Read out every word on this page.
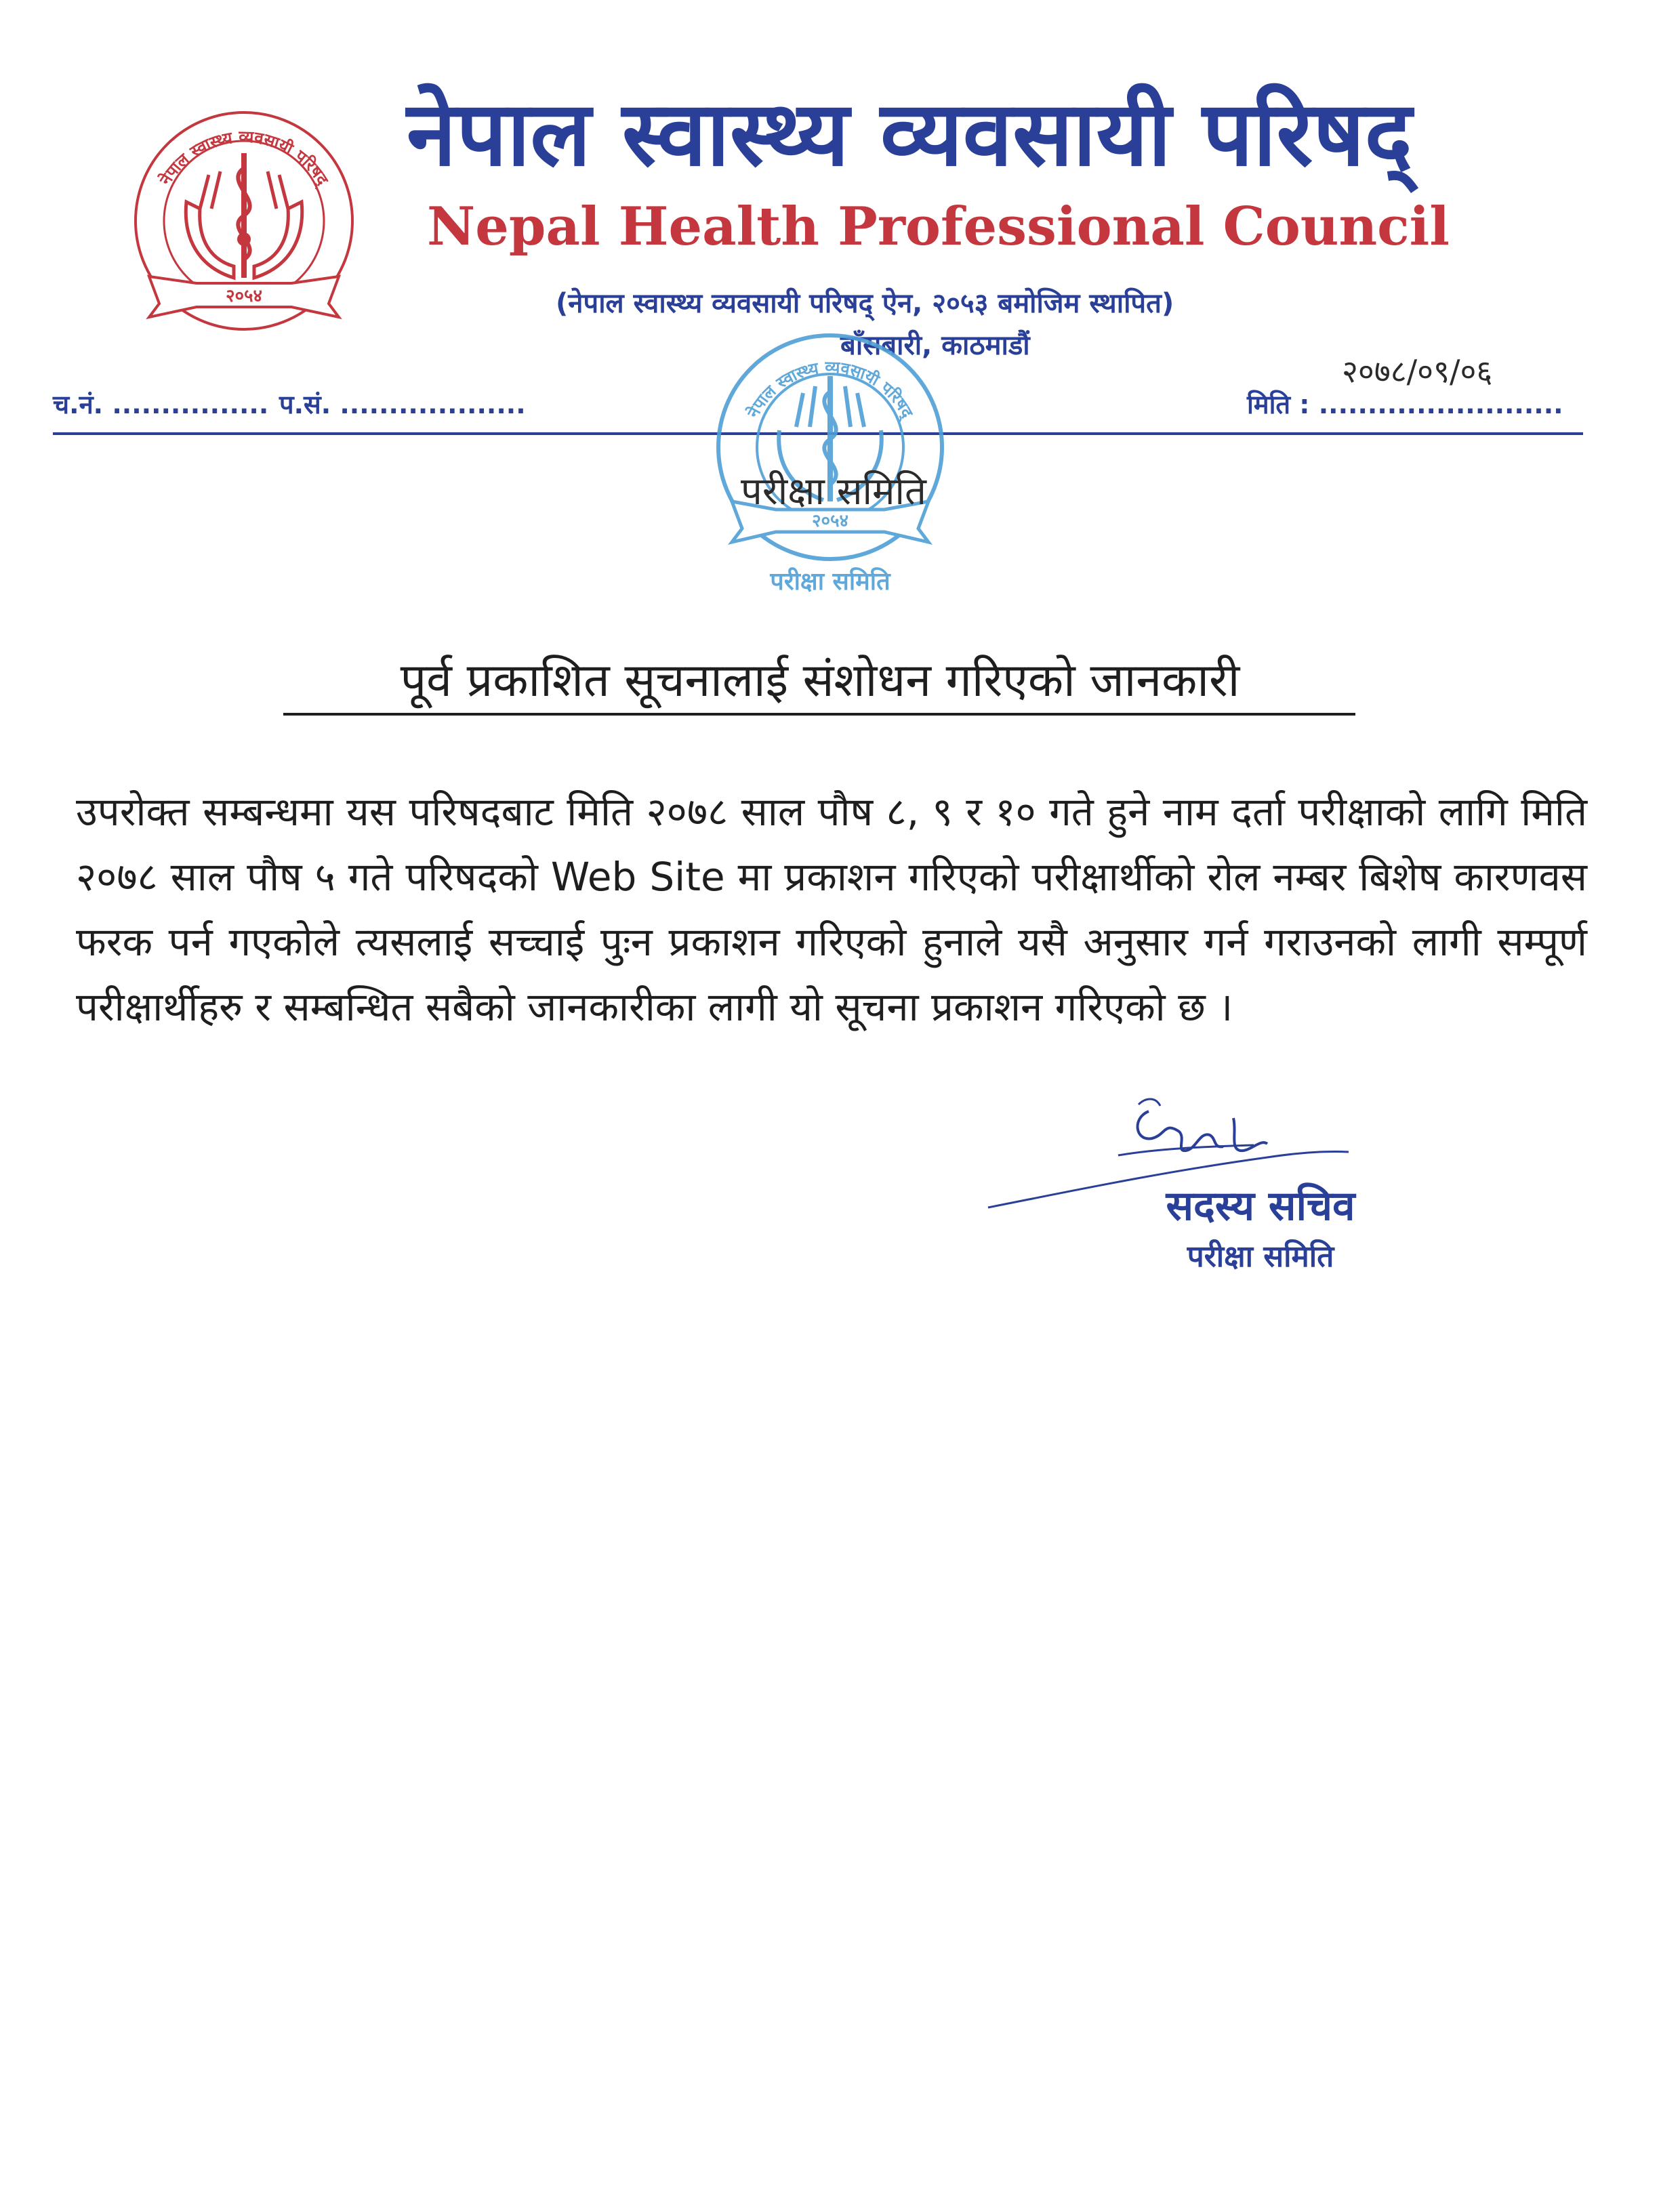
नेपाल स्वास्थ्य व्यवसायी परिषद्
२०५४
नेपाल स्वास्थ्य व्यवसायी परिषद्
Nepal Health Professional Council
(नेपाल स्वास्थ्य व्यवसायी परिषद् ऐन, २०५३ बमोजिम स्थापित)
बाँसबारी, काठमाडौं
२०७८/०९/०६
च.नं. ................ प.सं. ...................	मिति : .........................
नेपाल स्वास्थ्य व्यवसायी परिषद्
२०५४
परीक्षा समिति
परीक्षा समिति
पूर्व प्रकाशित सूचनालाई संशोधन गरिएको जानकारी
उपरोक्त सम्बन्धमा यस परिषदबाट मिति २०७८ साल पौष ८, ९ र १० गते हुने नाम दर्ता परीक्षाको लागि मिति २०७८ साल पौष ५ गते परिषदको Web Site मा प्रकाशन गरिएको परीक्षार्थीको रोल नम्बर बिशेष कारणवस फरक पर्न गएकोले त्यसलाई सच्चाई पुःन प्रकाशन गरिएको हुनाले यसै अनुसार गर्न गराउनको लागी सम्पूर्ण परीक्षार्थीहरु र सम्बन्धित सबैको जानकारीका लागी यो सूचना प्रकाशन गरिएको छ ।
सदस्य सचिव
परीक्षा समिति
